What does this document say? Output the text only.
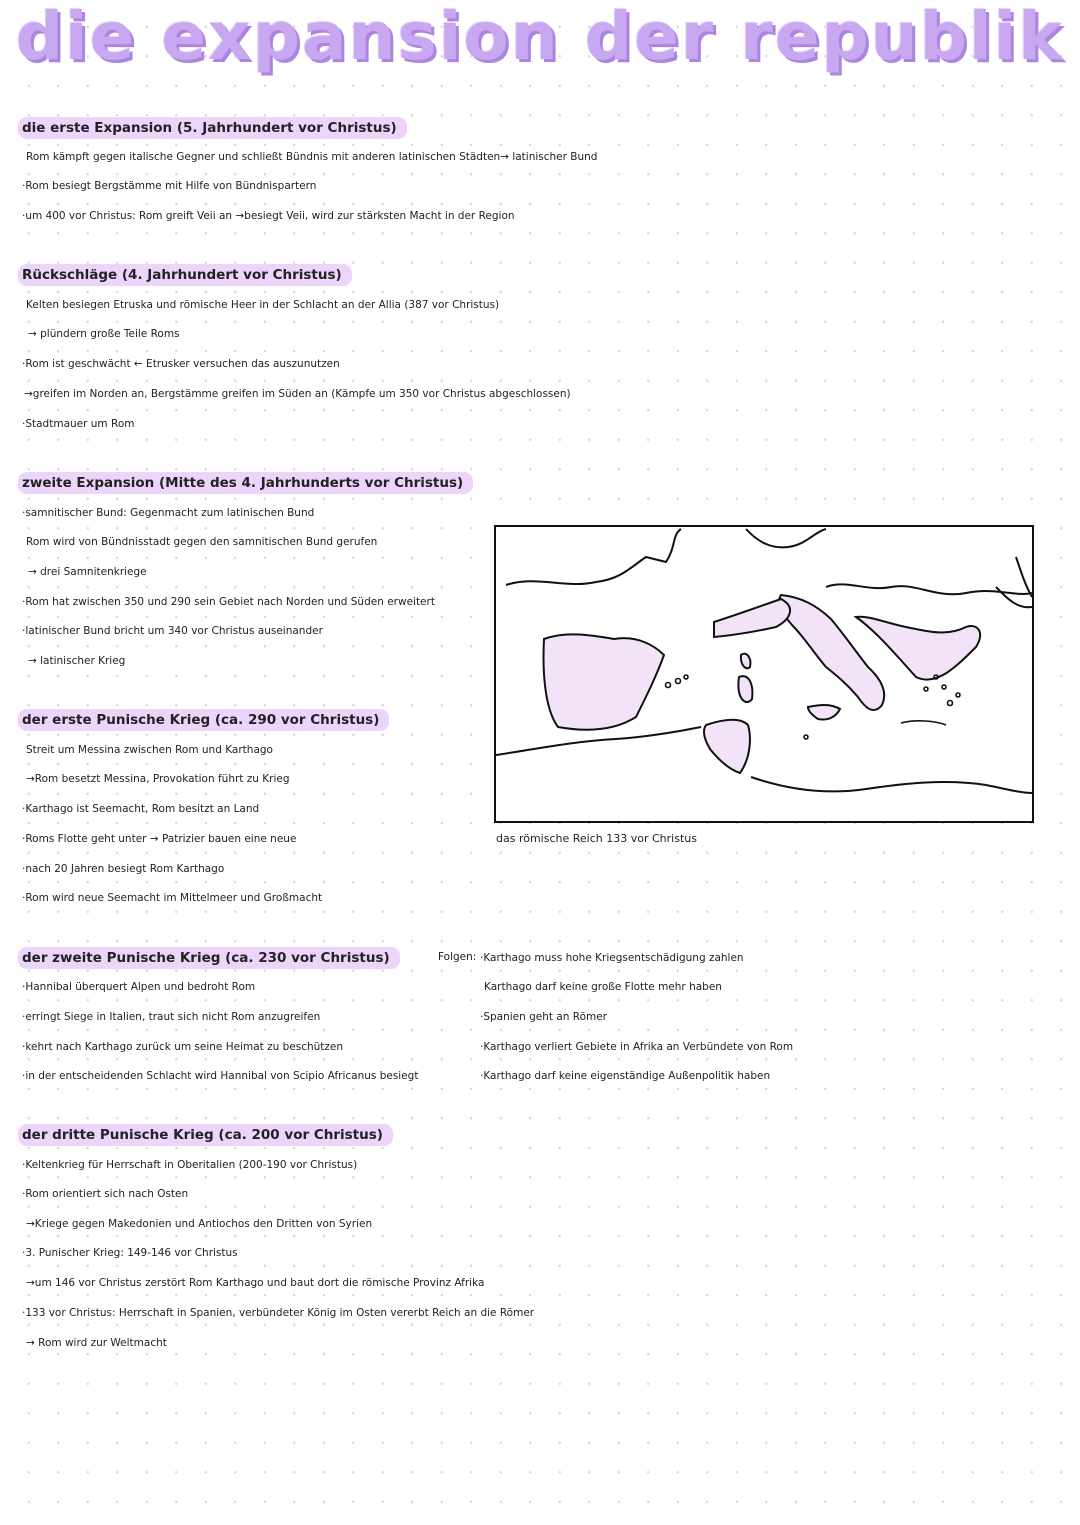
die expansion der republik
die erste Expansion (5. Jahrhundert vor Christus)
Rom kämpft gegen italische Gegner und schließt Bündnis mit anderen latinischen Städten→ latinischer Bund
·Rom besiegt Bergstämme mit Hilfe von Bündnispartern
·um 400 vor Christus: Rom greift Veii an →besiegt Veii, wird zur stärksten Macht in der Region
Rückschläge (4. Jahrhundert vor Christus)
Kelten besiegen Etruska und römische Heer in der Schlacht an der Allia (387 vor Christus)
→ plündern große Teile Roms
·Rom ist geschwächt ← Etrusker versuchen das auszunutzen
→greifen im Norden an, Bergstämme greifen im Süden an (Kämpfe um 350 vor Christus abgeschlossen)
·Stadtmauer um Rom
zweite Expansion (Mitte des 4. Jahrhunderts vor Christus)
·samnitischer Bund: Gegenmacht zum latinischen Bund
Rom wird von Bündnisstadt gegen den samnitischen Bund gerufen
→ drei Samnitenkriege
·Rom hat zwischen 350 und 290 sein Gebiet nach Norden und Süden erweitert
·latinischer Bund bricht um 340 vor Christus auseinander
→ latinischer Krieg
der erste Punische Krieg (ca. 290 vor Christus)
Streit um Messina zwischen Rom und Karthago
→Rom besetzt Messina, Provokation führt zu Krieg
·Karthago ist Seemacht, Rom besitzt an Land
·Roms Flotte geht unter → Patrizier bauen eine neue
·nach 20 Jahren besiegt Rom Karthago
·Rom wird neue Seemacht im Mittelmeer und Großmacht
das römische Reich 133 vor Christus
der zweite Punische Krieg (ca. 230 vor Christus)
·Hannibal überquert Alpen und bedroht Rom
·erringt Siege in Italien, traut sich nicht Rom anzugreifen
·kehrt nach Karthago zurück um seine Heimat zu beschützen
·in der entscheidenden Schlacht wird Hannibal von Scipio Africanus besiegt
Folgen: ·Karthago muss hohe Kriegsentschädigung zahlen
Karthago darf keine große Flotte mehr haben
·Spanien geht an Römer
·Karthago verliert Gebiete in Afrika an Verbündete von Rom
·Karthago darf keine eigenständige Außenpolitik haben
der dritte Punische Krieg (ca. 200 vor Christus)
·Keltenkrieg für Herrschaft in Oberitalien (200-190 vor Christus)
·Rom orientiert sich nach Osten
→Kriege gegen Makedonien und Antiochos den Dritten von Syrien
·3. Punischer Krieg: 149-146 vor Christus
→um 146 vor Christus zerstört Rom Karthago und baut dort die römische Provinz Afrika
·133 vor Christus: Herrschaft in Spanien, verbündeter König im Osten vererbt Reich an die Römer
→ Rom wird zur Weltmacht
